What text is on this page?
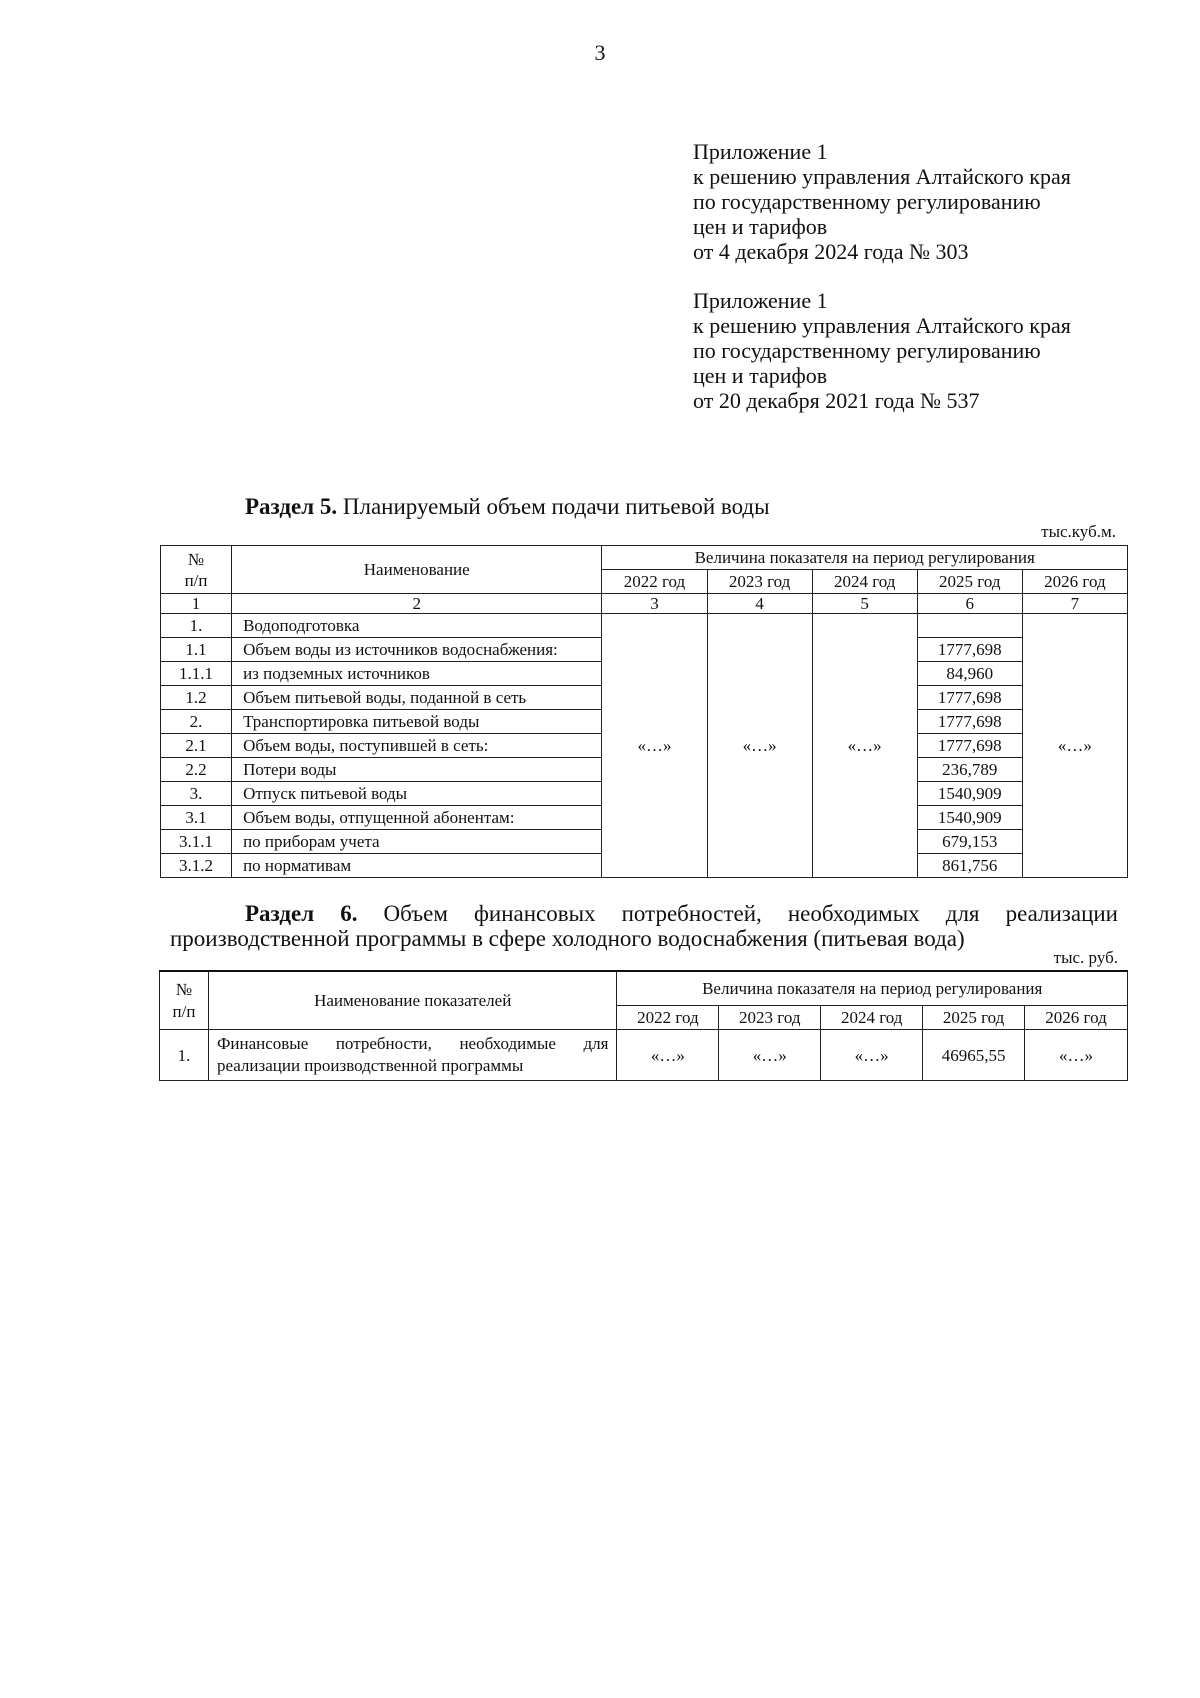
3
Приложение 1
к решению управления Алтайского края
по государственному регулированию
цен и тарифов
от 4 декабря 2024 года № 303
Приложение 1
к решению управления Алтайского края
по государственному регулированию
цен и тарифов
от 20 декабря 2021 года № 537
Раздел 5. Планируемый объем подачи питьевой воды
тыс.куб.м.
№
п/п	Наименование	Величина показателя на период регулирования				
		2022 год	2023 год	2024 год	2025 год	2026 год
1	2	3	4	5	6	7
1.	Водоподготовка	«…»	«…»	«…»		«…»
1.1	Объем воды из источников водоснабжения:				1777,698	
1.1.1	из подземных источников				84,960	
1.2	Объем питьевой воды, поданной в сеть				1777,698	
2.	Транспортировка питьевой воды				1777,698	
2.1	Объем воды, поступившей в сеть:				1777,698	
2.2	Потери воды				236,789	
3.	Отпуск питьевой воды				1540,909	
3.1	Объем воды, отпущенной абонентам:				1540,909	
3.1.1	по приборам учета				679,153	
3.1.2	по нормативам				861,756	
Раздел 6. Объем финансовых потребностей, необходимых для реализации производственной программы в сфере холодного водоснабжения (питьевая вода)
тыс. руб.
№
п/п	Наименование показателей	Величина показателя на период регулирования				
		2022 год	2023 год	2024 год	2025 год	2026 год
1.	Финансовые потребности, необходимые для реализации производственной программы	«…»	«…»	«…»	46965,55	«…»
